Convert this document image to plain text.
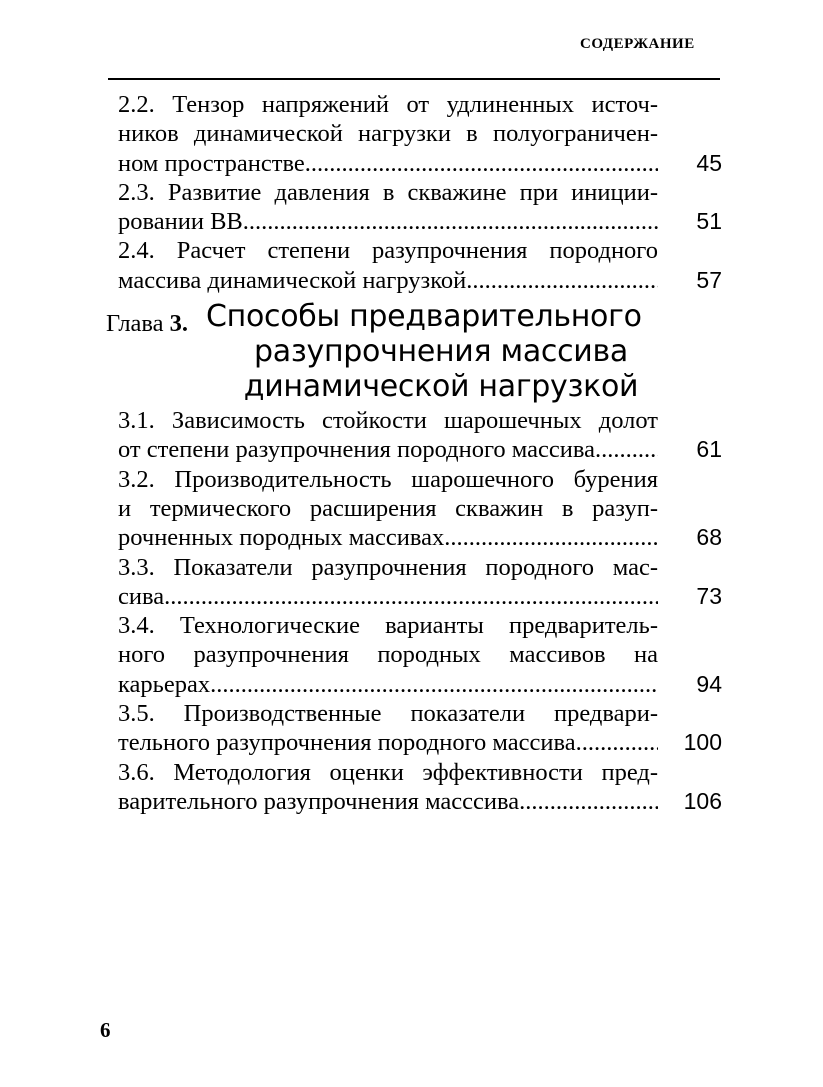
СОДЕРЖАНИЕ
2.2. Тензор напряжений от удлиненных источ-
ников динамической нагрузки в полуограничен-
ном пространстве .....	45
2.3. Развитие давления в скважине при иниции-
ровании ВВ .....	51
2.4. Расчет степени разупрочнения породного
массива динамической нагрузкой .....	57
Глава 3. Способы предварительного
разупрочнения массива
динамической нагрузкой
3.1. Зависимость стойкости шарошечных долот
от степени разупрочнения породного массива... .....	61
3.2. Производительность шарошечного бурения
и термического расширения скважин в разуп-
рочненных породных массивах .....	68
3.3. Показатели разупрочнения породного мас-
сива .....	73
3.4. Технологические варианты предваритель-
ного разупрочнения породных массивов на
карьерах .....	94
3.5. Производственные показатели предвари-
тельного разупрочнения породного массива...... .....	100
3.6. Методология оценки эффективности пред-
варительного разупрочнения масссива .....	106
6
